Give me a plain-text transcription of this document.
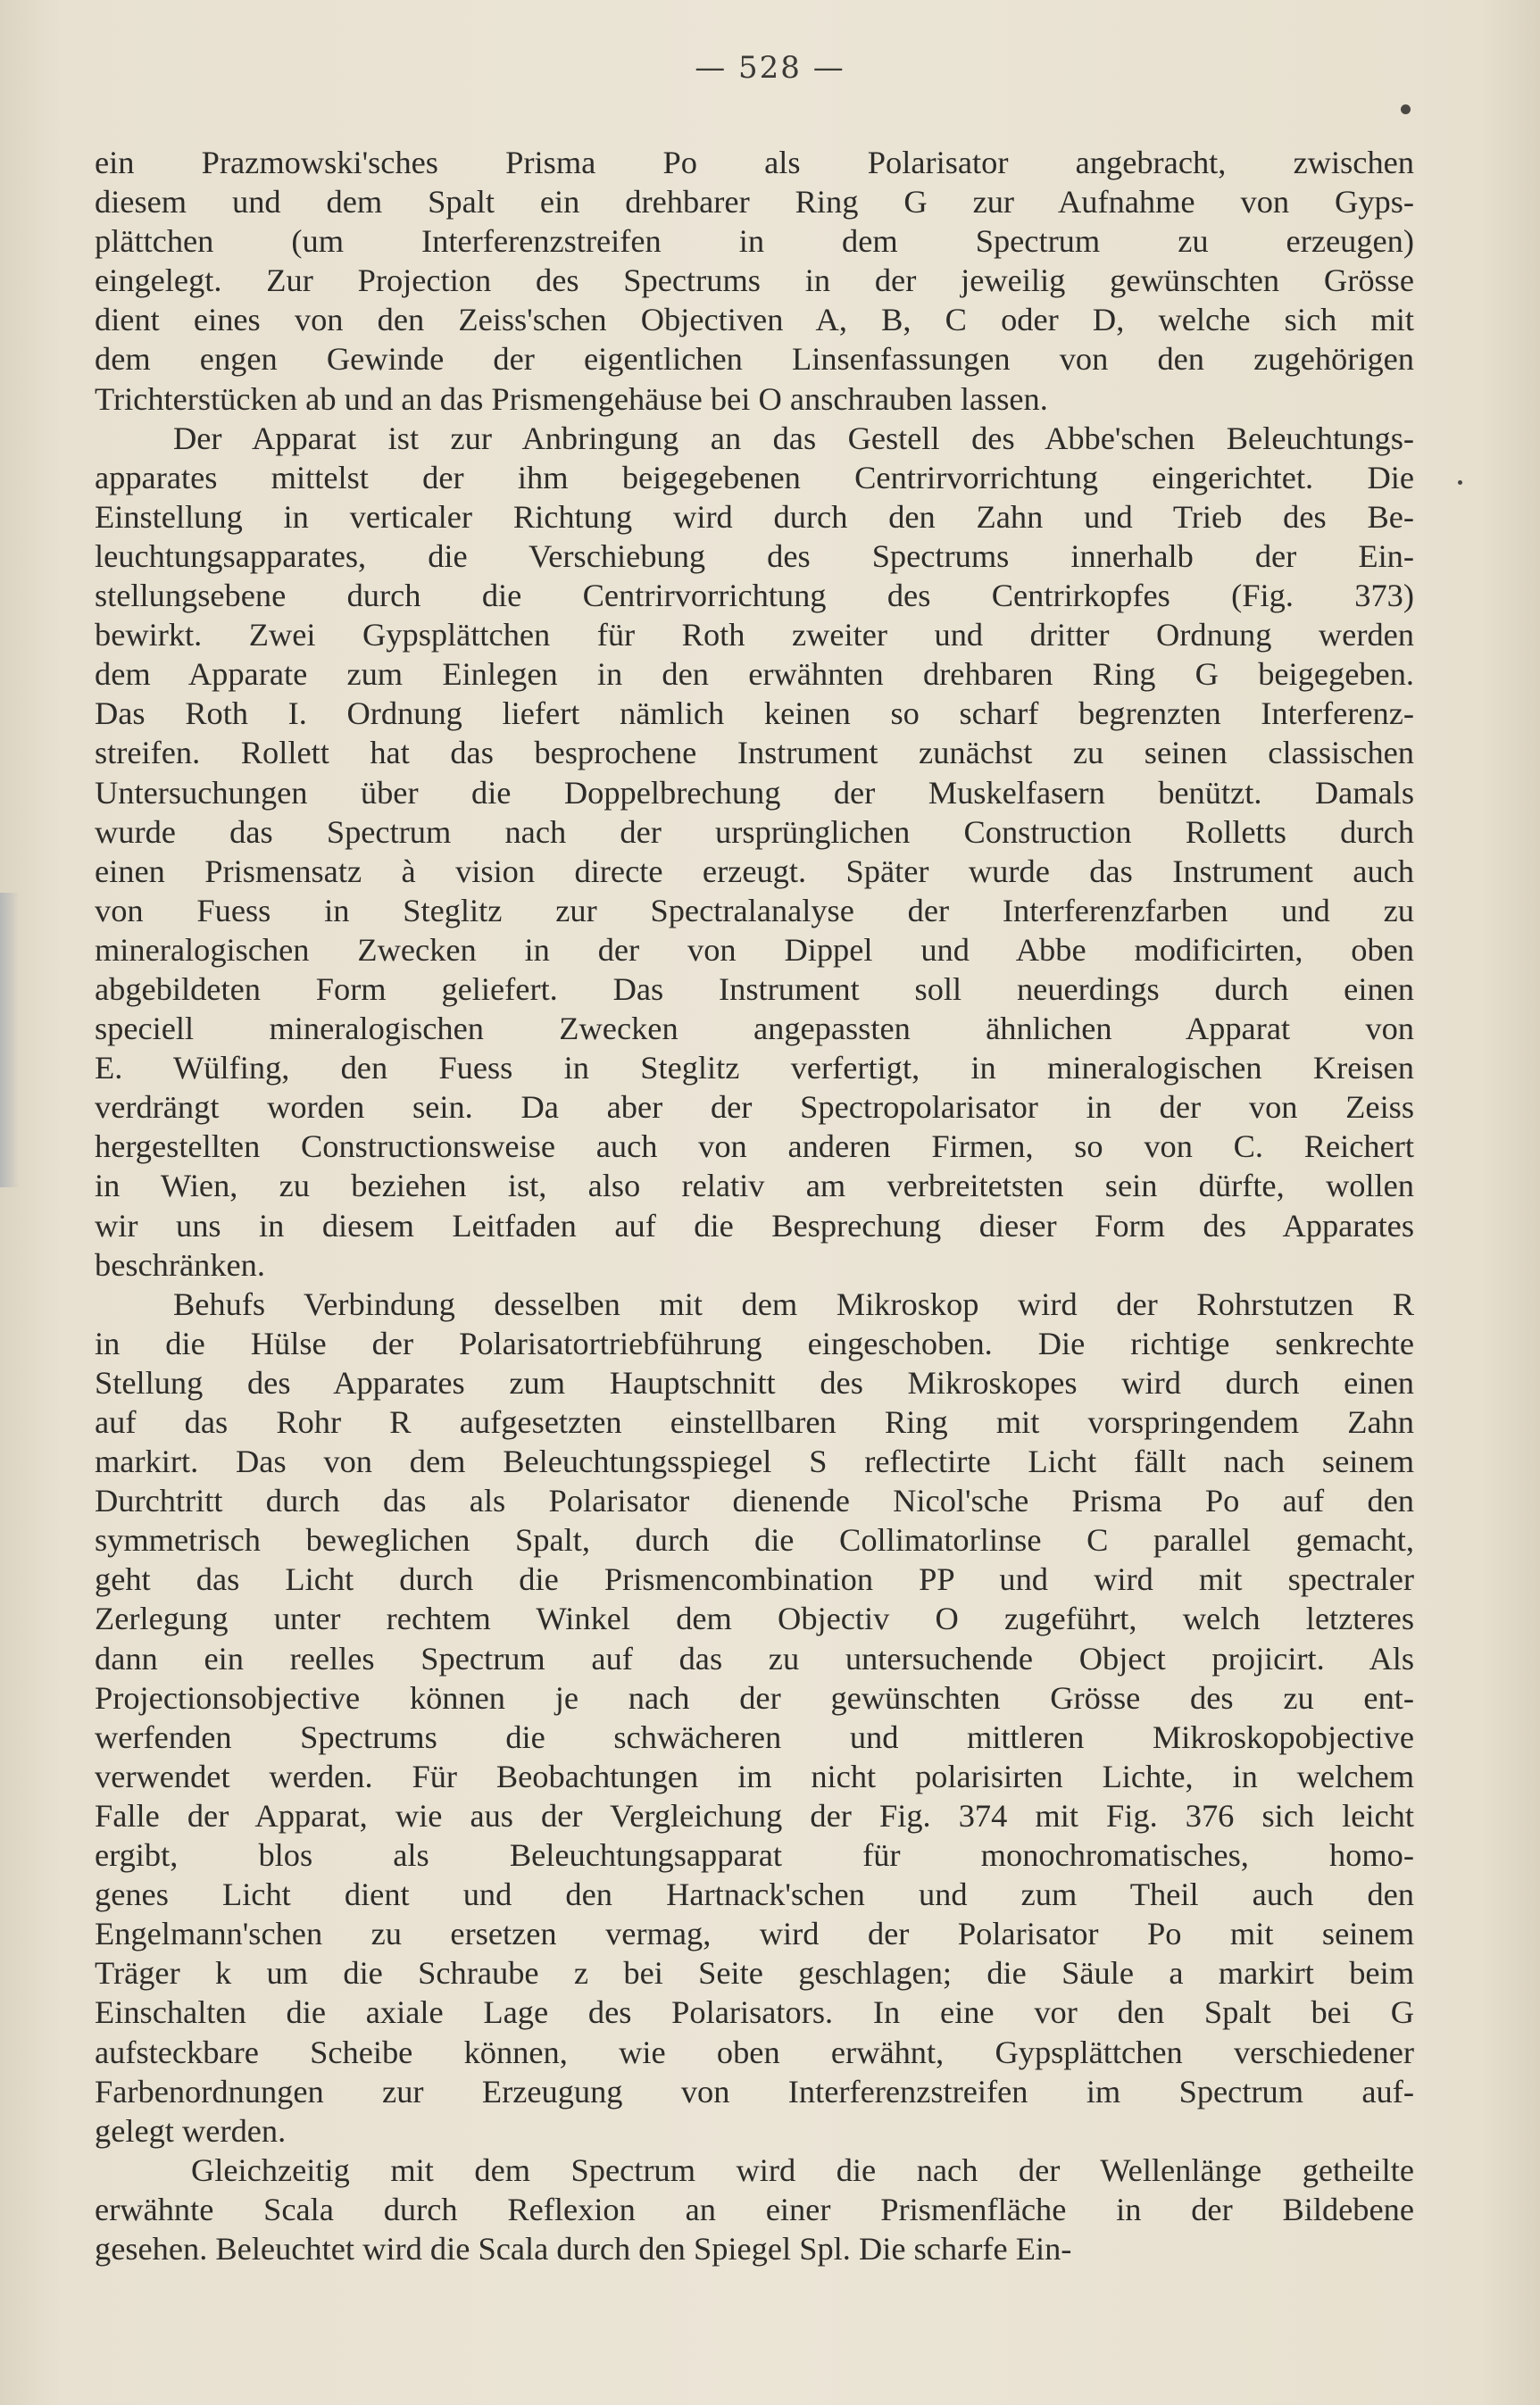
— 528 —
ein Prazmowski'sches Prisma Po als Polarisator angebracht, zwischen
diesem und dem Spalt ein drehbarer Ring G zur Aufnahme von Gyps-
plättchen (um Interferenzstreifen in dem Spectrum zu erzeugen)
eingelegt. Zur Projection des Spectrums in der jeweilig gewünschten Grösse
dient eines von den Zeiss'schen Objectiven A, B, C oder D, welche sich mit
dem engen Gewinde der eigentlichen Linsenfassungen von den zugehörigen
Trichterstücken ab und an das Prismengehäuse bei O anschrauben lassen.
Der Apparat ist zur Anbringung an das Gestell des Abbe'schen Beleuchtungs-
apparates mittelst der ihm beigegebenen Centrirvorrichtung eingerichtet. Die
Einstellung in verticaler Richtung wird durch den Zahn und Trieb des Be-
leuchtungsapparates, die Verschiebung des Spectrums innerhalb der Ein-
stellungsebene durch die Centrirvorrichtung des Centrirkopfes (Fig. 373)
bewirkt. Zwei Gypsplättchen für Roth zweiter und dritter Ordnung werden
dem Apparate zum Einlegen in den erwähnten drehbaren Ring G beigegeben.
Das Roth I. Ordnung liefert nämlich keinen so scharf begrenzten Interferenz-
streifen. Rollett hat das besprochene Instrument zunächst zu seinen classischen
Untersuchungen über die Doppelbrechung der Muskelfasern benützt. Damals
wurde das Spectrum nach der ursprünglichen Construction Rolletts durch
einen Prismensatz à vision directe erzeugt. Später wurde das Instrument auch
von Fuess in Steglitz zur Spectralanalyse der Interferenzfarben und zu
mineralogischen Zwecken in der von Dippel und Abbe modificirten, oben
abgebildeten Form geliefert. Das Instrument soll neuerdings durch einen
speciell mineralogischen Zwecken angepassten ähnlichen Apparat von
E. Wülfing, den Fuess in Steglitz verfertigt, in mineralogischen Kreisen
verdrängt worden sein. Da aber der Spectropolarisator in der von Zeiss
hergestellten Constructionsweise auch von anderen Firmen, so von C. Reichert
in Wien, zu beziehen ist, also relativ am verbreitetsten sein dürfte, wollen
wir uns in diesem Leitfaden auf die Besprechung dieser Form des Apparates
beschränken.
Behufs Verbindung desselben mit dem Mikroskop wird der Rohrstutzen R
in die Hülse der Polarisatortriebführung eingeschoben. Die richtige senkrechte
Stellung des Apparates zum Hauptschnitt des Mikroskopes wird durch einen
auf das Rohr R aufgesetzten einstellbaren Ring mit vorspringendem Zahn
markirt. Das von dem Beleuchtungsspiegel S reflectirte Licht fällt nach seinem
Durchtritt durch das als Polarisator dienende Nicol'sche Prisma Po auf den
symmetrisch beweglichen Spalt, durch die Collimatorlinse C parallel gemacht,
geht das Licht durch die Prismencombination PP und wird mit spectraler
Zerlegung unter rechtem Winkel dem Objectiv O zugeführt, welch letzteres
dann ein reelles Spectrum auf das zu untersuchende Object projicirt. Als
Projectionsobjective können je nach der gewünschten Grösse des zu ent-
werfenden Spectrums die schwächeren und mittleren Mikroskopobjective
verwendet werden. Für Beobachtungen im nicht polarisirten Lichte, in welchem
Falle der Apparat, wie aus der Vergleichung der Fig. 374 mit Fig. 376 sich leicht
ergibt, blos als Beleuchtungsapparat für monochromatisches, homo-
genes Licht dient und den Hartnack'schen und zum Theil auch den
Engelmann'schen zu ersetzen vermag, wird der Polarisator Po mit seinem
Träger k um die Schraube z bei Seite geschlagen; die Säule a markirt beim
Einschalten die axiale Lage des Polarisators. In eine vor den Spalt bei G
aufsteckbare Scheibe können, wie oben erwähnt, Gypsplättchen verschiedener
Farbenordnungen zur Erzeugung von Interferenzstreifen im Spectrum auf-
gelegt werden.
Gleichzeitig mit dem Spectrum wird die nach der Wellenlänge getheilte
erwähnte Scala durch Reflexion an einer Prismenfläche in der Bildebene
gesehen. Beleuchtet wird die Scala durch den Spiegel Spl. Die scharfe Ein-
